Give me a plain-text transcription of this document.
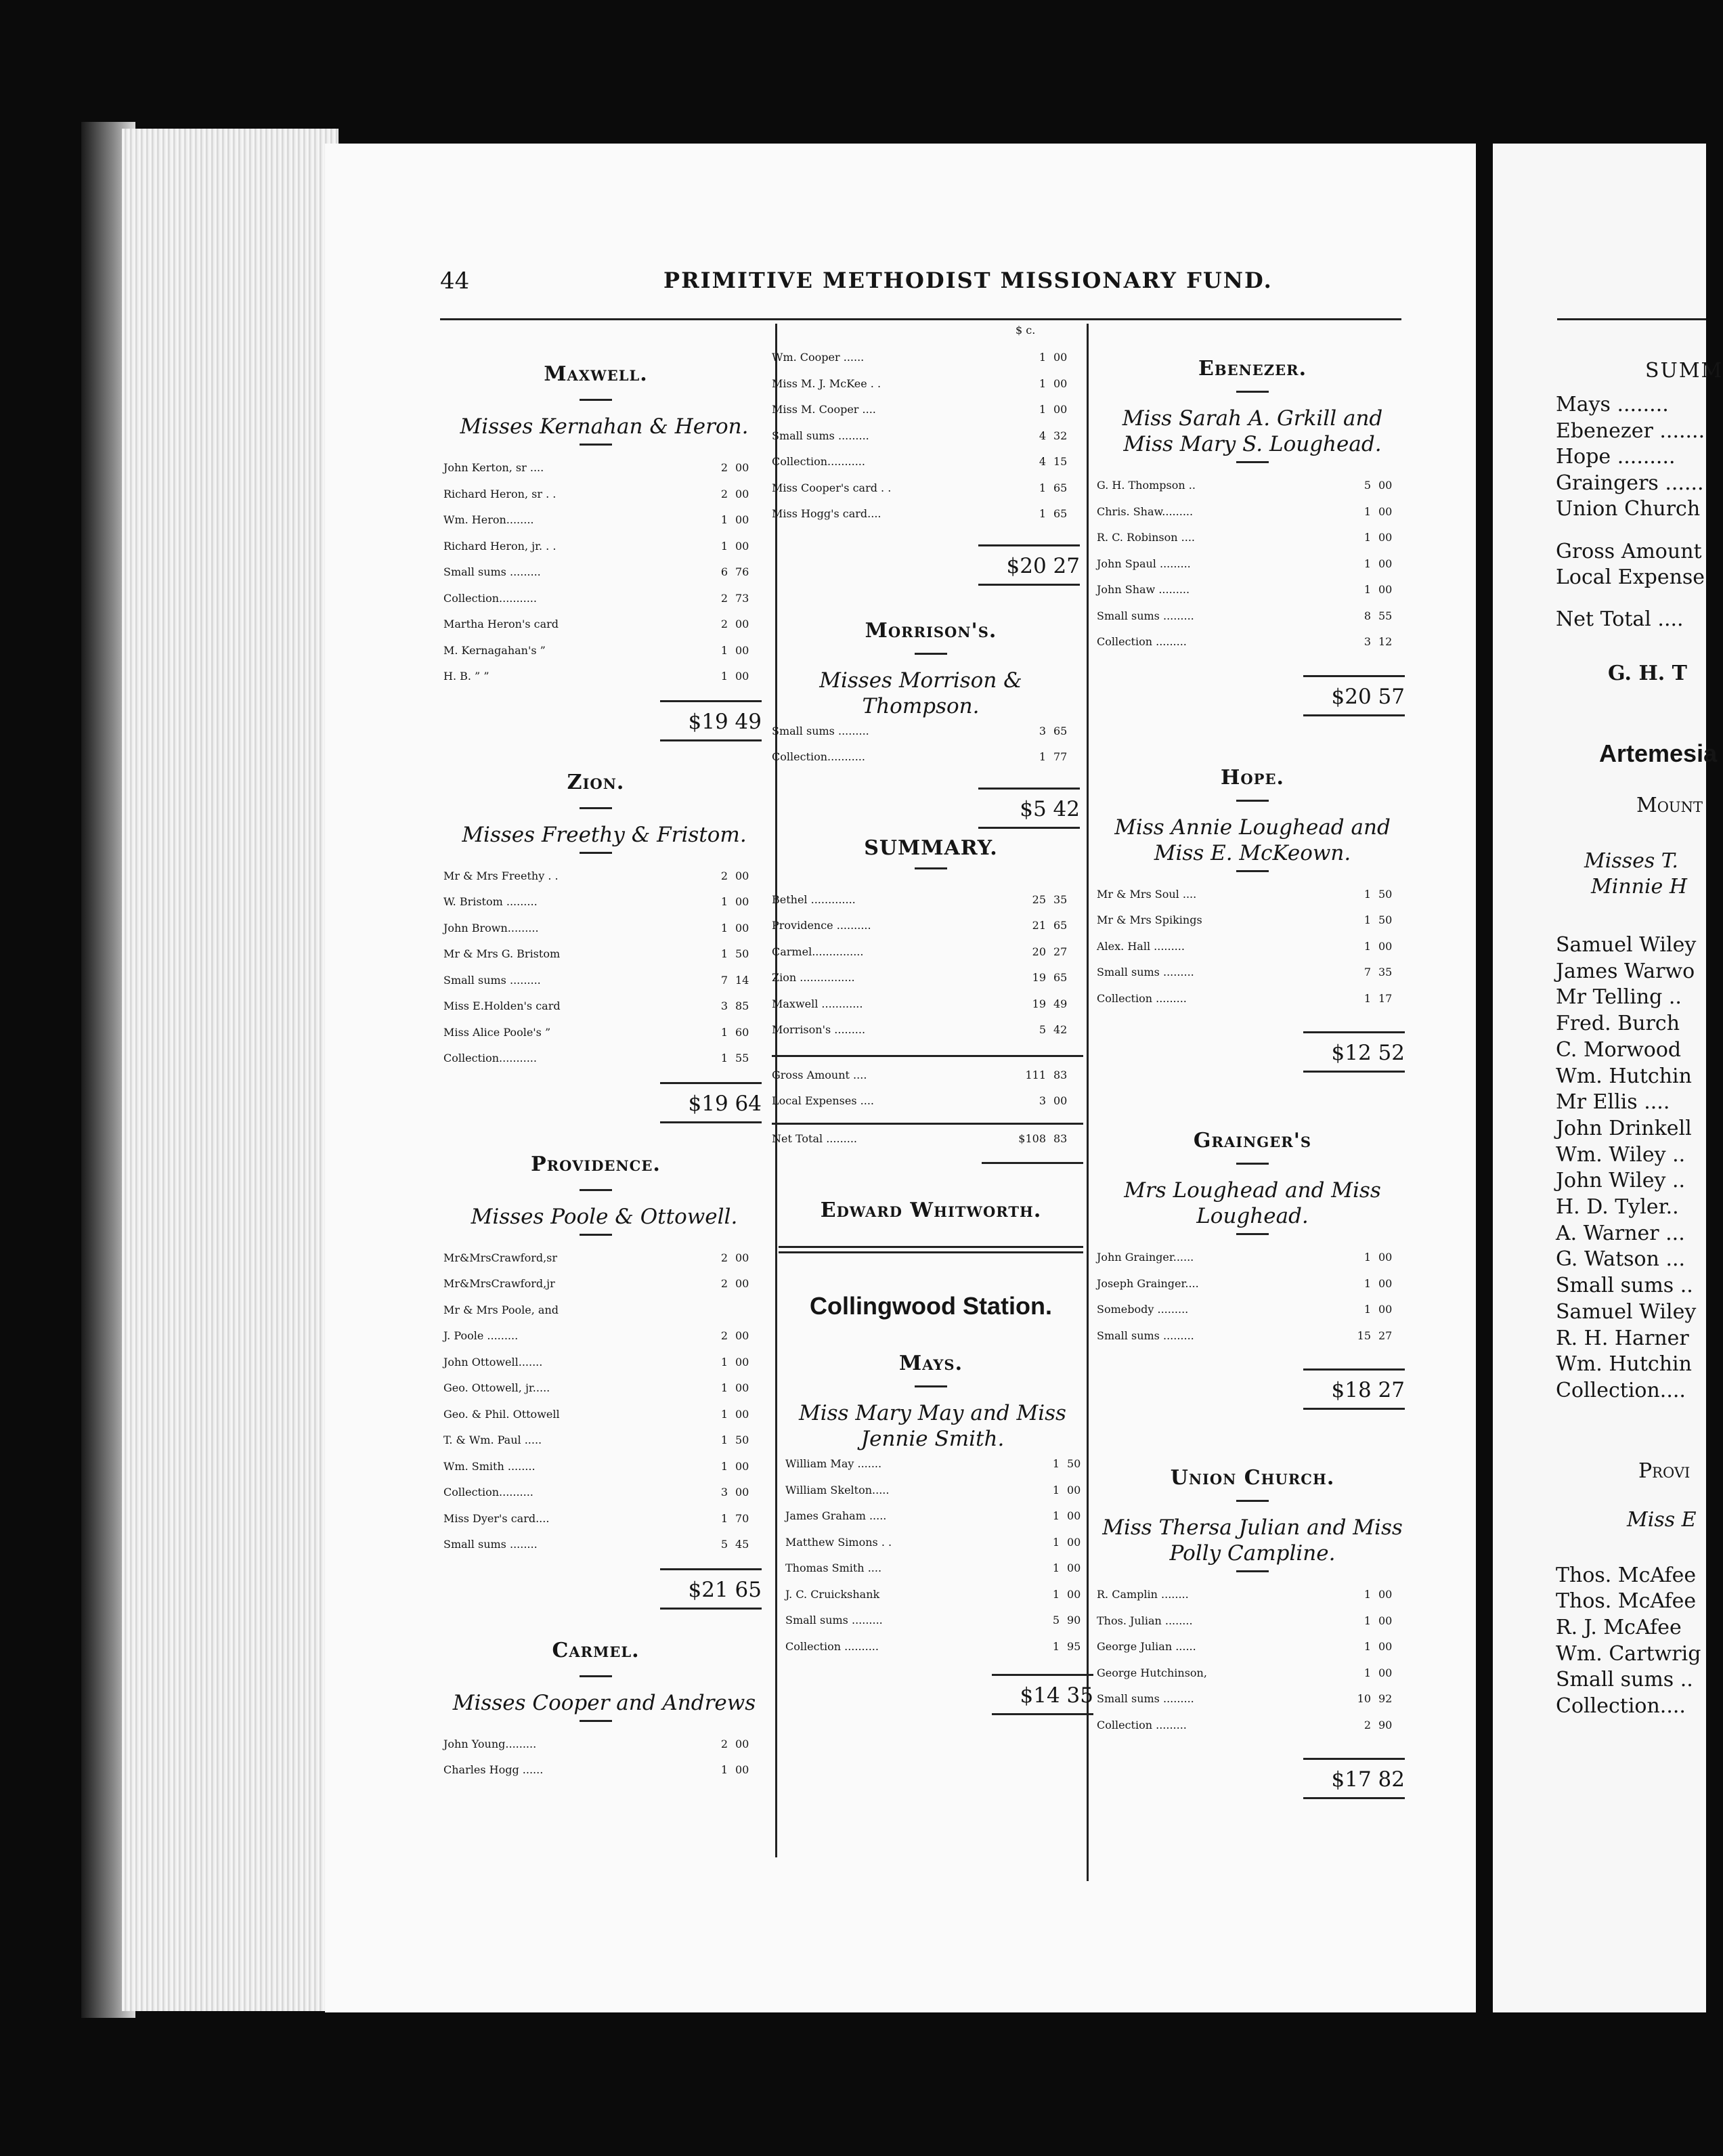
44	PRIMITIVE METHODIST MISSIONARY FUND.
Maxwell.
Misses Kernahan & Heron.
John Kerton, sr ....	2 00
Richard Heron, sr . .	2 00
Wm. Heron........	1 00
Richard Heron, jr. . .	1 00
Small sums .........	6 76
Collection...........	2 73
Martha Heron's card	2 00
M. Kernagahan's ”	1 00
H. B. ” ”	1 00
$19 49
Zion.
Misses Freethy & Fristom.
Mr & Mrs Freethy . .	2 00
W. Bristom .........	1 00
John Brown.........	1 00
Mr & Mrs G. Bristom	1 50
Small sums .........	7 14
Miss E.Holden's card	3 85
Miss Alice Poole's ”	1 60
Collection...........	1 55
$19 64
Providence.
Misses Poole & Ottowell.
Mr&MrsCrawford,sr	2 00
Mr&MrsCrawford,jr	2 00
Mr & Mrs Poole, and
J. Poole .........	2 00
John Ottowell.......	1 00
Geo. Ottowell, jr.....	1 00
Geo. & Phil. Ottowell	1 00
T. & Wm. Paul .....	1 50
Wm. Smith ........	1 00
Collection..........	3 00
Miss Dyer's card....	1 70
Small sums ........	5 45
$21 65
Carmel.
Misses Cooper and Andrews
John Young.........	2 00
Charles Hogg ......	1 00
$ c.
Wm. Cooper ......	1 00
Miss M. J. McKee . .	1 00
Miss M. Cooper ....	1 00
Small sums .........	4 32
Collection...........	4 15
Miss Cooper's card . .	1 65
Miss Hogg's card....	1 65
$20 27
Morrison's.
Misses Morrison & Thompson.
Small sums .........	3 65
Collection...........	1 77
$5 42
SUMMARY.
Bethel .............	25 35
Providence ..........	21 65
Carmel...............	20 27
Zion ................	19 65
Maxwell ............	19 49
Morrison's .........	5 42
Gross Amount ....	111 83
Local Expenses ....	3 00
Net Total .........	$108 83
Edward Whitworth.
Collingwood Station.
Mays.
Miss Mary May and Miss Jennie Smith.
William May .......	1 50
William Skelton.....	1 00
James Graham .....	1 00
Matthew Simons . .	1 00
Thomas Smith ....	1 00
J. C. Cruickshank	1 00
Small sums .........	5 90
Collection ..........	1 95
$14 35
Ebenezer.
Miss Sarah A. Grkill and Miss Mary S. Loughead.
G. H. Thompson ..	5 00
Chris. Shaw.........	1 00
R. C. Robinson ....	1 00
John Spaul .........	1 00
John Shaw .........	1 00
Small sums .........	8 55
Collection .........	3 12
$20 57
Hope.
Miss Annie Loughead and Miss E. McKeown.
Mr & Mrs Soul ....	1 50
Mr & Mrs Spikings	1 50
Alex. Hall .........	1 00
Small sums .........	7 35
Collection .........	1 17
$12 52
Grainger's
Mrs Loughead and Miss Loughead.
John Grainger......	1 00
Joseph Grainger....	1 00
Somebody .........	1 00
Small sums .........	15 27
$18 27
Union Church.
Miss Thersa Julian and Miss Polly Campline.
R. Camplin ........	1 00
Thos. Julian ........	1 00
George Julian ......	1 00
George Hutchinson,	1 00
Small sums .........	10 92
Collection .........	2 90
$17 82
SUMM
Mays ........
Ebenezer .......
Hope .........
Graingers ......
Union Church
Gross Amount
Local Expense
Net Total ....
G. H. T
Artemesia
Mount
Misses T.
Minnie H
Samuel Wiley
James Warwo
Mr Telling ..
Fred. Burch
C. Morwood
Wm. Hutchin
Mr Ellis ....
John Drinkell
Wm. Wiley ..
John Wiley ..
H. D. Tyler..
A. Warner ...
G. Watson ...
Small sums ..
Samuel Wiley
R. H. Harner
Wm. Hutchin
Collection....
Provi
Miss E
Thos. McAfee
Thos. McAfee
R. J. McAfee
Wm. Cartwrig
Small sums ..
Collection....
